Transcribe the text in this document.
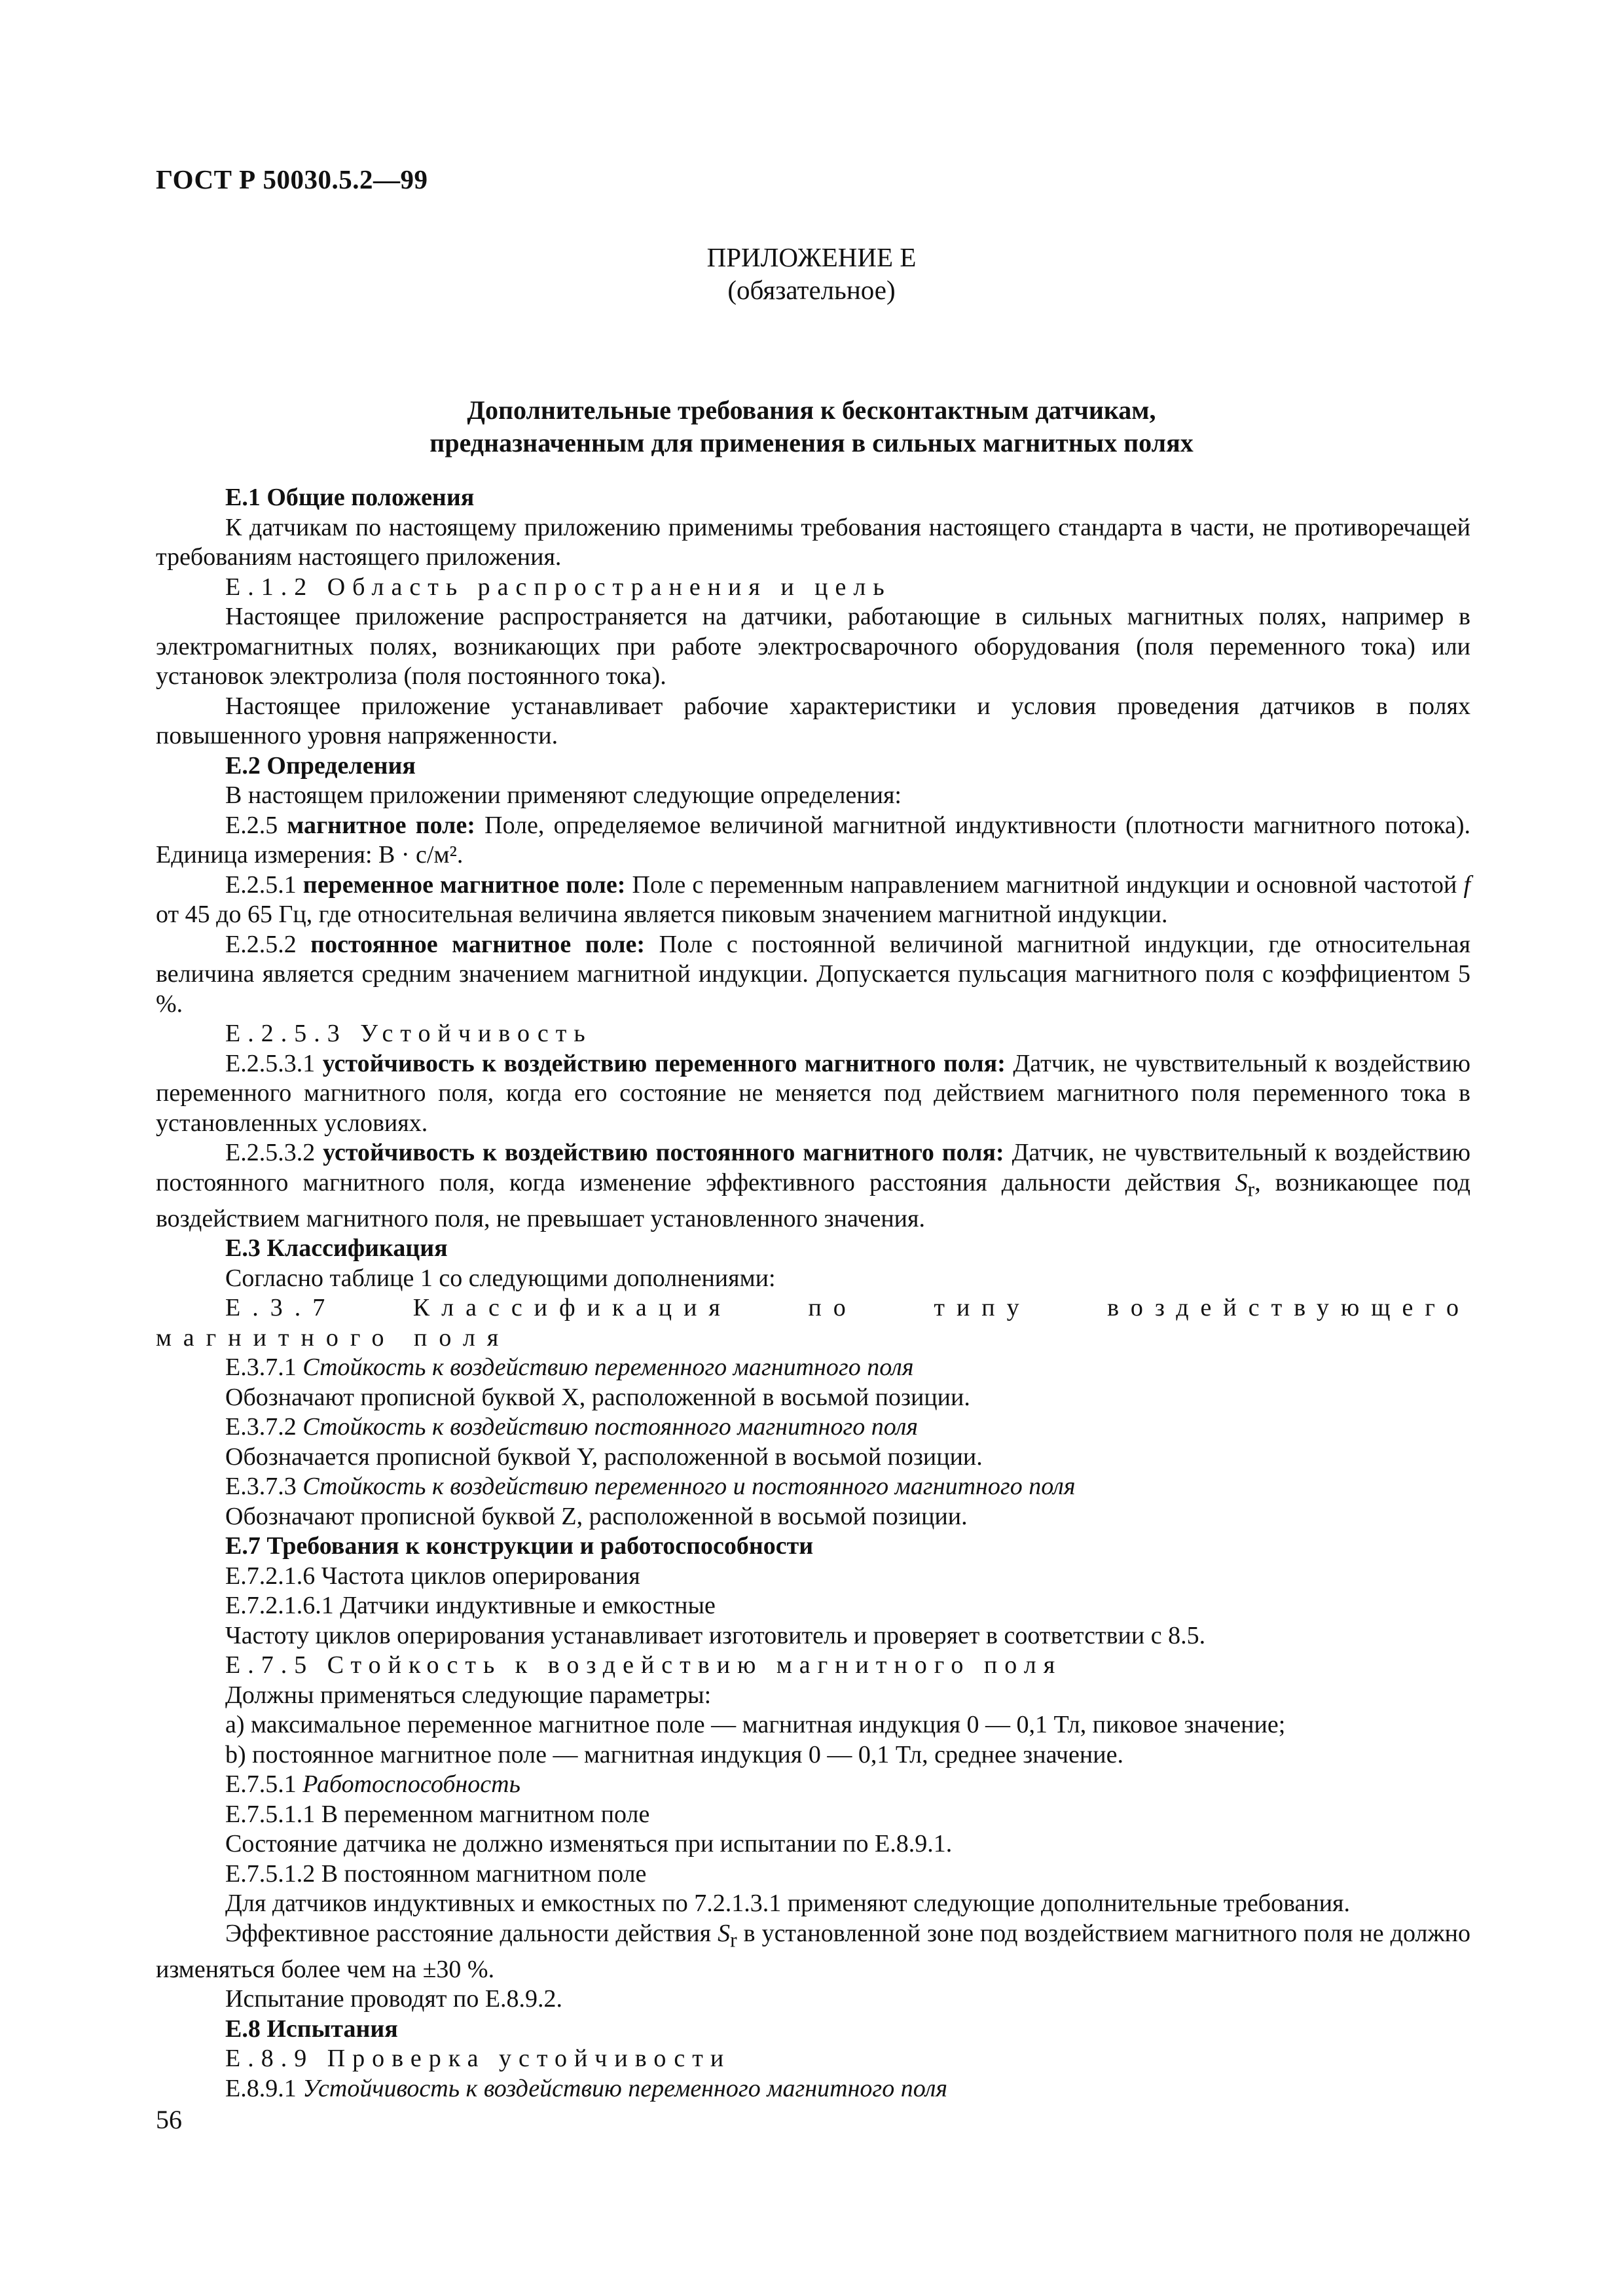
ГОСТ Р 50030.5.2—99
ПРИЛОЖЕНИЕ Е
(обязательное)
Дополнительные требования к бесконтактным датчикам,
предназначенным для применения в сильных магнитных полях

Е.1 Общие положения

К датчикам по настоящему приложению применимы требования настоящего стандарта в части, не противоречащей требованиям настоящего приложения.

Е.1.2 Область распространения и цель

Настоящее приложение распространяется на датчики, работающие в сильных магнитных полях, например в электромагнитных полях, возникающих при работе электросварочного оборудования (поля переменного тока) или установок электролиза (поля постоянного тока).

Настоящее приложение устанавливает рабочие характеристики и условия проведения датчиков в полях повышенного уровня напряженности.

Е.2 Определения

В настоящем приложении применяют следующие определения:

Е.2.5 магнитное поле: Поле, определяемое величиной магнитной индуктивности (плотности магнитного потока). Единица измерения: В · с/м².

Е.2.5.1 переменное магнитное поле: Поле с переменным направлением магнитной индукции и основной частотой f от 45 до 65 Гц, где относительная величина является пиковым значением магнитной индукции.

Е.2.5.2 постоянное магнитное поле: Поле с постоянной величиной магнитной индукции, где относительная величина является средним значением магнитной индукции. Допускается пульсация магнитного поля с коэффициентом 5 %.

Е.2.5.3 Устойчивость

Е.2.5.3.1 устойчивость к воздействию переменного магнитного поля: Датчик, не чувствительный к воздействию переменного магнитного поля, когда его состояние не меняется под действием магнитного поля переменного тока в установленных условиях.

Е.2.5.3.2 устойчивость к воздействию постоянного магнитного поля: Датчик, не чувствительный к воздействию постоянного магнитного поля, когда изменение эффективного расстояния дальности действия $S_r$, возникающее под воздействием магнитного поля, не превышает установленного значения.

Е.3 Классификация

Согласно таблице 1 со следующими дополнениями:

Е.3.7 Классификация по типу воздействующего магнитного поля

Е.3.7.1 Стойкость к воздействию переменного магнитного поля

Обозначают прописной буквой X, расположенной в восьмой позиции.

Е.3.7.2 Стойкость к воздействию постоянного магнитного поля

Обозначается прописной буквой Y, расположенной в восьмой позиции.

Е.3.7.3 Стойкость к воздействию переменного и постоянного магнитного поля

Обозначают прописной буквой Z, расположенной в восьмой позиции.

Е.7 Требования к конструкции и работоспособности

Е.7.2.1.6 Частота циклов оперирования

Е.7.2.1.6.1 Датчики индуктивные и емкостные

Частоту циклов оперирования устанавливает изготовитель и проверяет в соответствии с 8.5.

Е.7.5 Стойкость к воздействию магнитного поля

Должны применяться следующие параметры:

а) максимальное переменное магнитное поле — магнитная индукция 0 — 0,1 Тл, пиковое значение;

b) постоянное магнитное поле — магнитная индукция 0 — 0,1 Тл, среднее значение.

Е.7.5.1 Работоспособность

Е.7.5.1.1 В переменном магнитном поле

Состояние датчика не должно изменяться при испытании по Е.8.9.1.

Е.7.5.1.2 В постоянном магнитном поле

Для датчиков индуктивных и емкостных по 7.2.1.3.1 применяют следующие дополнительные требования.

Эффективное расстояние дальности действия $S_r$ в установленной зоне под воздействием магнитного поля не должно изменяться более чем на ±30 %.

Испытание проводят по Е.8.9.2.

Е.8 Испытания

Е.8.9 Проверка устойчивости

Е.8.9.1 Устойчивость к воздействию переменного магнитного поля

56
